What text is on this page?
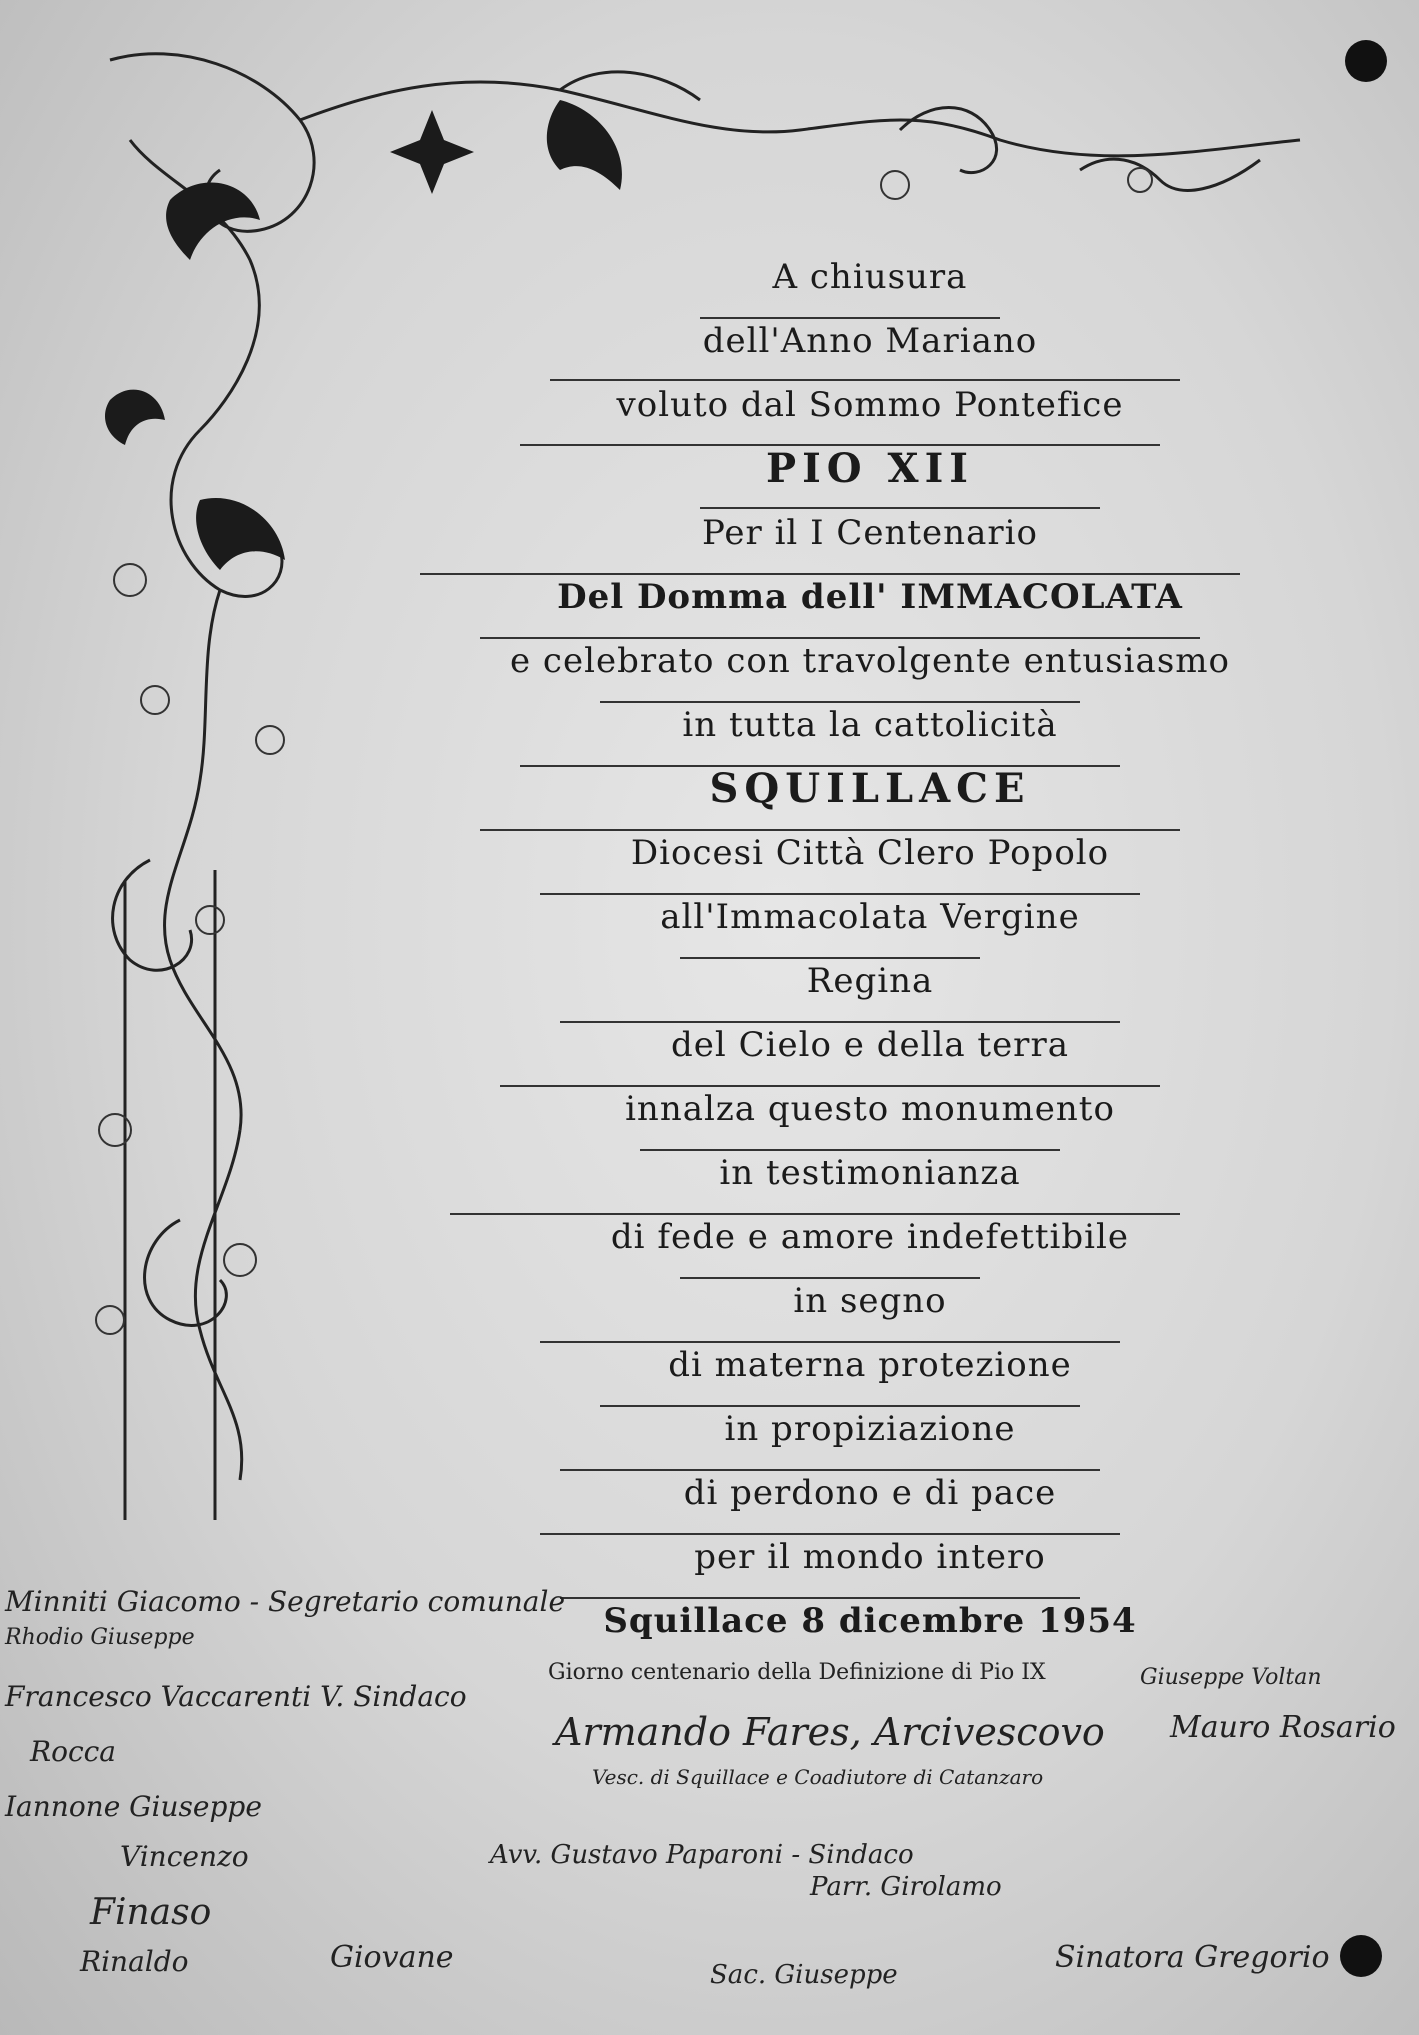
A chiusura
dell'Anno Mariano
voluto dal Sommo Pontefice
PIO XII
Per il I Centenario
Del Domma dell' IMMACOLATA
e celebrato con travolgente entusiasmo
in tutta la cattolicità
SQUILLACE
Diocesi Città Clero Popolo
all'Immacolata Vergine
Regina
del Cielo e della terra
innalza questo monumento
in testimonianza
di fede e amore indefettibile
in segno
di materna protezione
in propiziazione
di perdono e di pace
per il mondo intero
Squillace 8 dicembre 1954
Giorno centenario della Definizione di Pio IX
Minniti Giacomo - Segretario comunale
Rhodio Giuseppe
Francesco Vaccarenti V. Sindaco
Rocca
Iannone Giuseppe
Vincenzo
Finaso
Rinaldo	Giovane
Armando Fares, Arcivescovo
Vesc. di Squillace e Coadiutore di Catanzaro
Avv. Gustavo Paparoni - Sindaco
Parr. Girolamo
Sac. Giuseppe
Giuseppe Voltan
Mauro Rosario
Sinatora Gregorio
